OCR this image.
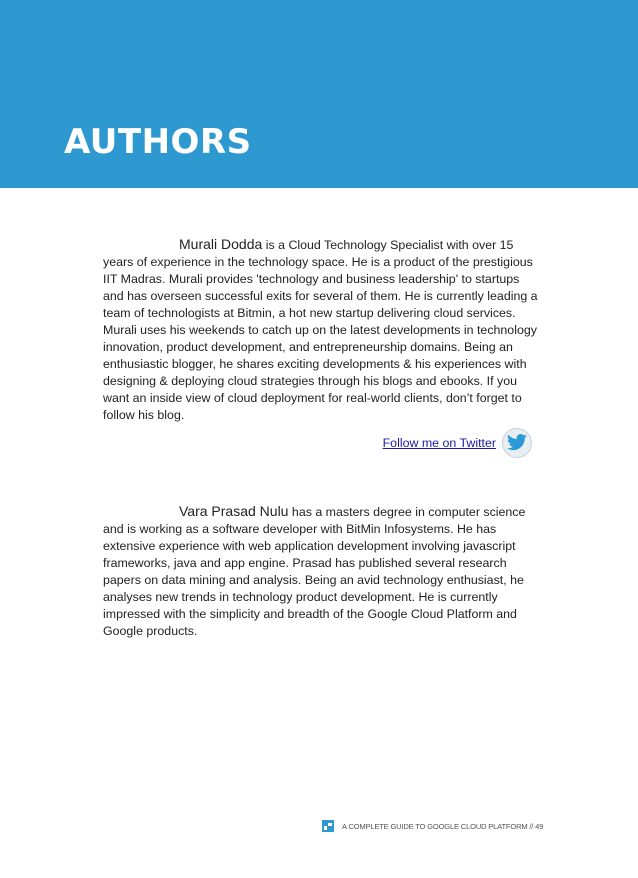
AUTHORS

Murali Dodda is a Cloud Technology Specialist with over 15 years of experience in the technology space. He is a product of the prestigious IIT Madras. Murali provides 'technology and business leadership' to startups and has overseen successful exits for several of them. He is currently leading a team of technologists at Bitmin, a hot new startup delivering cloud services. Murali uses his weekends to catch up on the latest developments in technology innovation, product development, and entrepreneurship domains. Being an enthusiastic blogger, he shares exciting developments & his experiences with designing & deploying cloud strategies through his blogs and ebooks. If you want an inside view of cloud deployment for real-world clients, don’t forget to follow his blog.

Follow me on Twitter

Vara Prasad Nulu has a masters degree in computer science and is working as a software developer with BitMin Infosystems. He has extensive experience with web application development involving javascript frameworks, java and app engine. Prasad has published several research papers on data mining and analysis. Being an avid technology enthusiast, he analyses new trends in technology product development. He is currently impressed with the simplicity and breadth of the Google Cloud Platform and Google products.

A COMPLETE GUIDE TO GOOGLE CLOUD PLATFORM //
49
